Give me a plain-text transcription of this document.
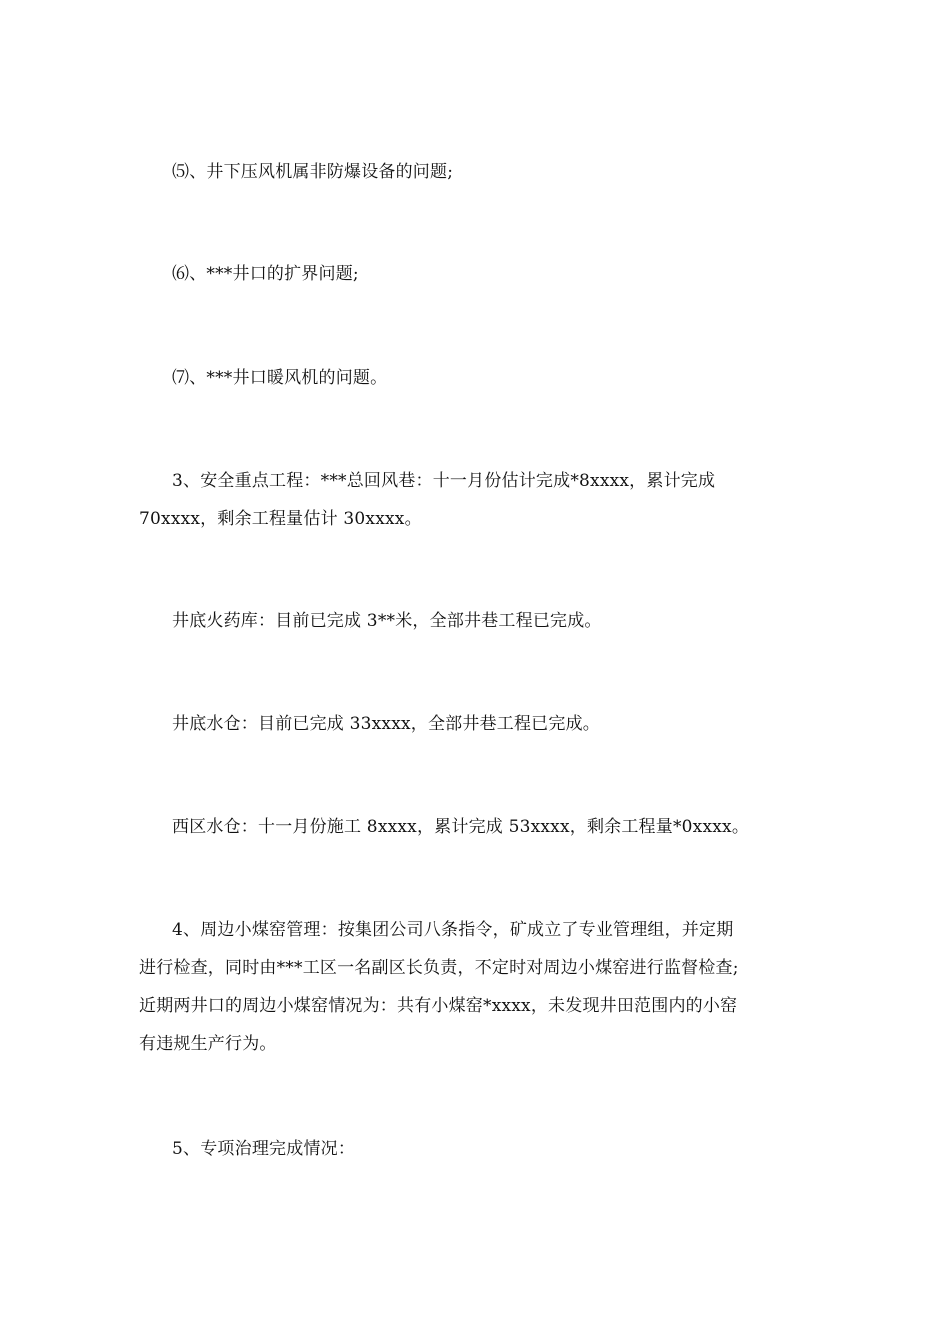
⑸、井下压风机属非防爆设备的问题;
⑹、***井口的扩界问题;
⑺、***井口暖风机的问题。
3、安全重点工程：***总回风巷：十一月份估计完成*8xxxx，累计完成
70xxxx，剩余工程量估计 30xxxx。
井底火药库：目前已完成 3**米，全部井巷工程已完成。
井底水仓：目前已完成 33xxxx，全部井巷工程已完成。
西区水仓：十一月份施工 8xxxx，累计完成 53xxxx，剩余工程量*0xxxx。
4、周边小煤窑管理：按集团公司八条指令，矿成立了专业管理组，并定期
进行检查，同时由***工区一名副区长负责，不定时对周边小煤窑进行监督检查;
近期两井口的周边小煤窑情况为：共有小煤窑*xxxx，未发现井田范围内的小窑
有违规生产行为。
5、专项治理完成情况：
